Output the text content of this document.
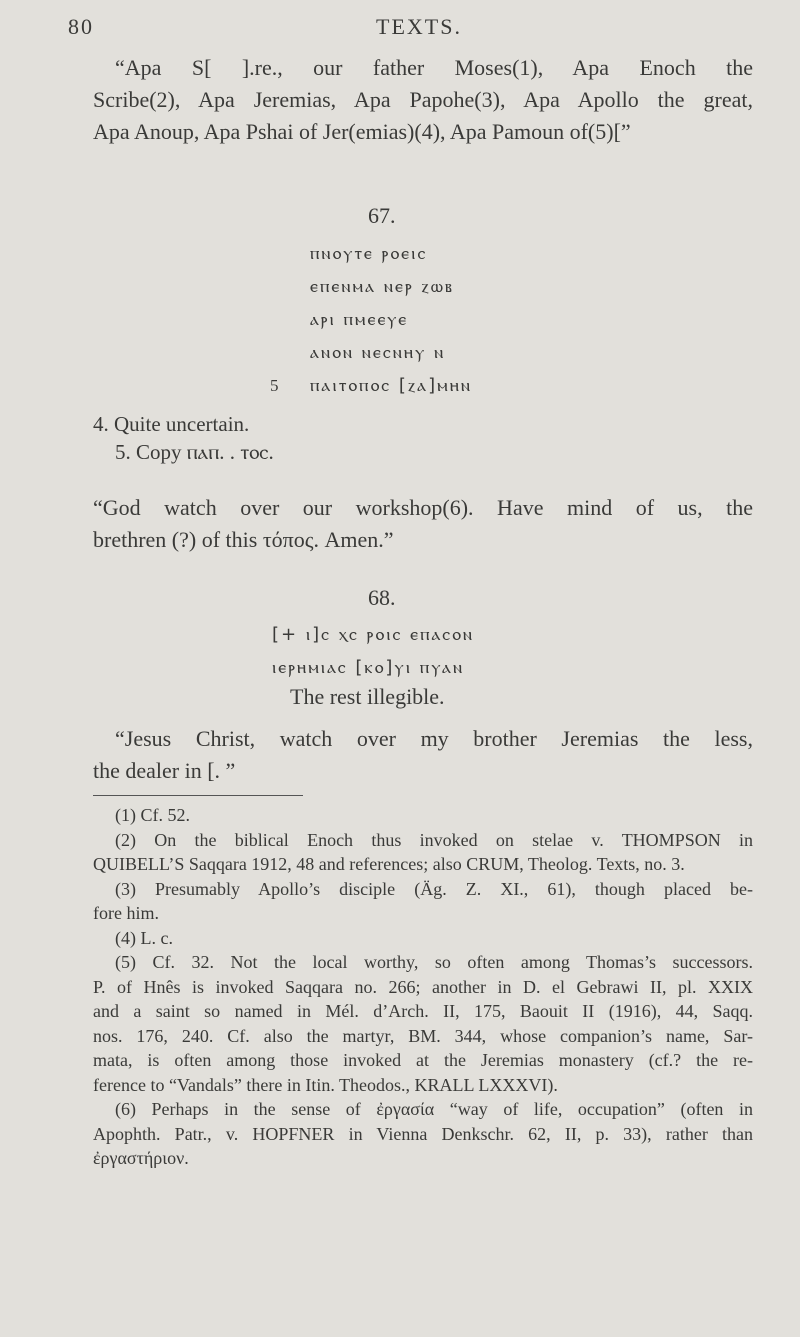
80	TEXTS.
“Apa S[ ].re., our father Moses(1), Apa Enoch the
Scribe(2), Apa Jeremias, Apa Papohe(3), Apa Apollo the great,
Apa Anoup, Apa Pshai of Jer(emias)(4), Apa Pamoun of(5)[”
67.
ⲡⲛⲟⲩⲧⲉ ⲣⲟⲉⲓⲥ
ⲉⲡⲉⲛⲙⲁ ⲛⲉⲣ ⲍⲱⲃ
ⲁⲣⲓ ⲡⲙⲉⲉⲩⲉ
ⲁⲛⲟⲛ ⲛⲉⲥⲛⲏⲩ ⲛ
5 ⲡⲁⲓⲧⲟⲡⲟⲥ [ⲍⲁ]ⲙⲏⲛ
4. Quite uncertain.
5. Copy ⲡⲁⲡ. . ⲧⲟⲥ.
“God watch over our workshop(6). Have mind of us, the
brethren (?) of this τόπος. Amen.”
68.
[+ ⲓ]ⲥ ⲭⲥ ⲣⲟⲓⲥ ⲉⲡⲁⲥⲟⲛ
ⲓⲉⲣⲏⲙⲓⲁⲥ [ⲕⲟ]ⲩⲓ ⲡⲩⲁⲛ
The rest illegible.
“Jesus Christ, watch over my brother Jeremias the less,
the dealer in [. ”
(1) Cf. 52.
(2) On the biblical Enoch thus invoked on stelae v. THOMPSON in
QUIBELL’S Saqqara 1912, 48 and references; also CRUM, Theolog. Texts, no. 3.
(3) Presumably Apollo’s disciple (Äg. Z. XI., 61), though placed be-
fore him.
(4) L. c.
(5) Cf. 32. Not the local worthy, so often among Thomas’s successors.
P. of Hnês is invoked Saqqara no. 266; another in D. el Gebrawi II, pl. XXIX
and a saint so named in Mél. d’Arch. II, 175, Baouit II (1916), 44, Saqq.
nos. 176, 240. Cf. also the martyr, BM. 344, whose companion’s name, Sar-
mata, is often among those invoked at the Jeremias monastery (cf.? the re-
ference to “Vandals” there in Itin. Theodos., KRALL LXXXVI).
(6) Perhaps in the sense of ἐργασία “way of life, occupation” (often in
Apophth. Patr., v. HOPFNER in Vienna Denkschr. 62, II, p. 33), rather than
ἐργαστήριον.
